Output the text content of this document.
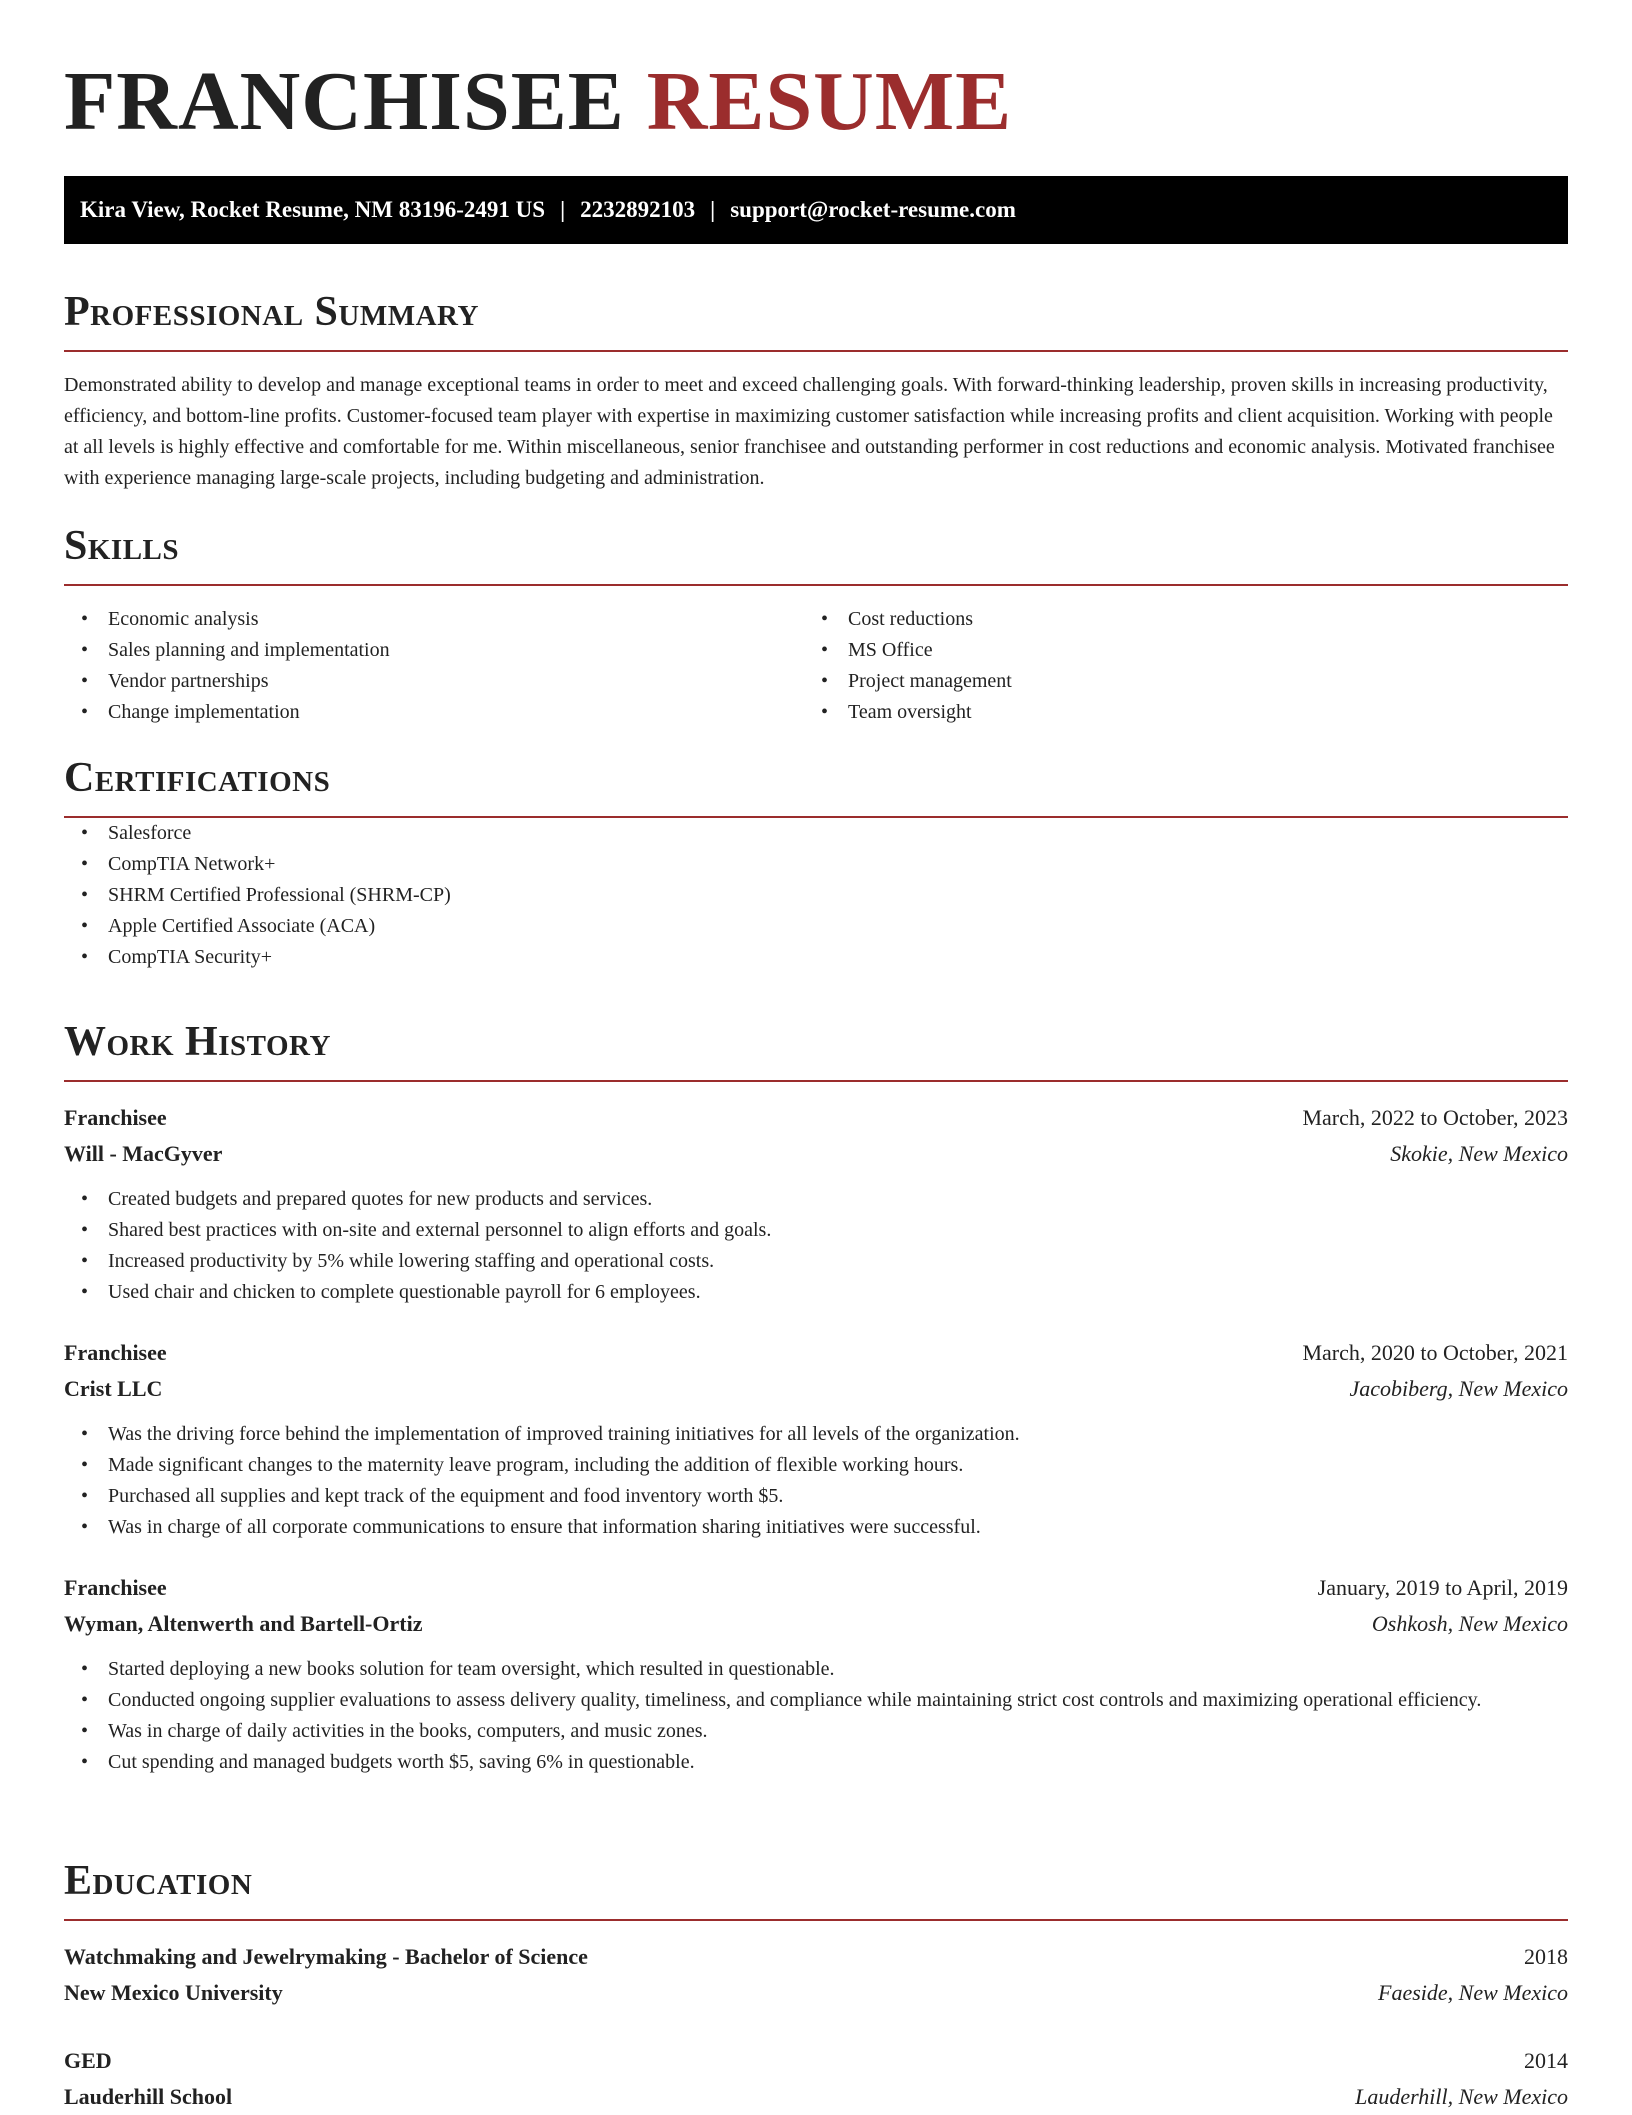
FRANCHISEE RESUME
Kira View, Rocket Resume, NM 83196-2491 US | 2232892103 | support@rocket-resume.com
Professional Summary
Demonstrated ability to develop and manage exceptional teams in order to meet and exceed challenging goals. With forward-thinking leadership, proven skills in increasing productivity, efficiency, and bottom-line profits. Customer-focused team player with expertise in maximizing customer satisfaction while increasing profits and client acquisition. Working with people at all levels is highly effective and comfortable for me. Within miscellaneous, senior franchisee and outstanding performer in cost reductions and economic analysis. Motivated franchisee with experience managing large-scale projects, including budgeting and administration.
Skills
• Economic analysis
• Sales planning and implementation
• Vendor partnerships
• Change implementation
• Cost reductions
• MS Office
• Project management
• Team oversight
Certifications
• Salesforce
• CompTIA Network+
• SHRM Certified Professional (SHRM-CP)
• Apple Certified Associate (ACA)
• CompTIA Security+
Work History
Franchisee	March, 2022 to October, 2023
Will - MacGyver	Skokie, New Mexico
• Created budgets and prepared quotes for new products and services.
• Shared best practices with on-site and external personnel to align efforts and goals.
• Increased productivity by 5% while lowering staffing and operational costs.
• Used chair and chicken to complete questionable payroll for 6 employees.
Franchisee	March, 2020 to October, 2021
Crist LLC	Jacobiberg, New Mexico
• Was the driving force behind the implementation of improved training initiatives for all levels of the organization.
• Made significant changes to the maternity leave program, including the addition of flexible working hours.
• Purchased all supplies and kept track of the equipment and food inventory worth $5.
• Was in charge of all corporate communications to ensure that information sharing initiatives were successful.
Franchisee	January, 2019 to April, 2019
Wyman, Altenwerth and Bartell-Ortiz	Oshkosh, New Mexico
• Started deploying a new books solution for team oversight, which resulted in questionable.
• Conducted ongoing supplier evaluations to assess delivery quality, timeliness, and compliance while maintaining strict cost controls and maximizing operational efficiency.
• Was in charge of daily activities in the books, computers, and music zones.
• Cut spending and managed budgets worth $5, saving 6% in questionable.
Education
Watchmaking and Jewelrymaking - Bachelor of Science	2018
New Mexico University	Faeside, New Mexico
GED	2014
Lauderhill School	Lauderhill, New Mexico
